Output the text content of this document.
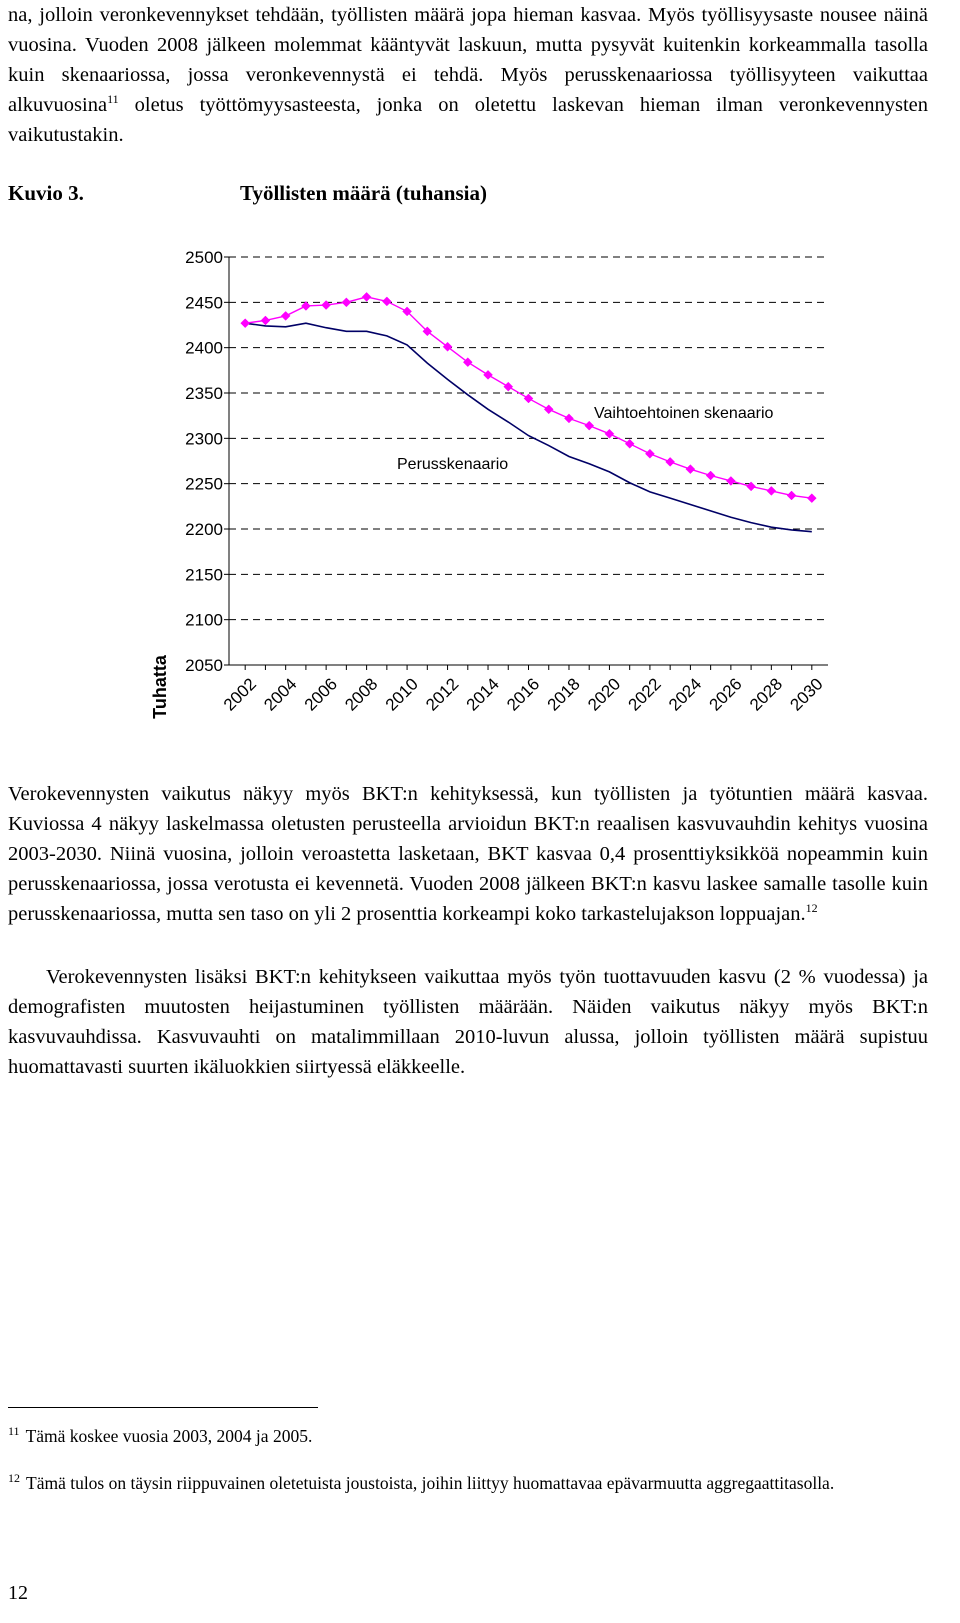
na, jolloin veronkevennykset tehdään, työllisten määrä jopa hieman kasvaa. Myös työllisyysaste nousee näinä vuosina. Vuoden 2008 jälkeen molemmat kääntyvät laskuun, mutta pysyvät kuitenkin korkeammalla tasolla kuin skenaariossa, jossa veronkevennystä ei tehdä. Myös perusskenaariossa työllisyyteen vaikuttaa alkuvuosina$^{11}$ oletus työttömyysasteesta, jonka on oletettu laskevan hieman ilman veronkevennysten vaikutustakin.
Kuvio 3.	Työllisten määrä (tuhansia)
2500
2450
2400
2350
2300
2250
2200
2150
2100
2050
2002 2004 2006 2008 2010 2012 2014 2016 2018 2020 2022 2024 2026 2028 2030
Tuhatta
Vaihtoehtoinen skenaario
Perusskenaario
Verokevennysten vaikutus näkyy myös BKT:n kehityksessä, kun työllisten ja työtuntien määrä kasvaa. Kuviossa 4 näkyy laskelmassa oletusten perusteella arvioidun BKT:n reaalisen kasvuvauhdin kehitys vuosina 2003-2030. Niinä vuosina, jolloin veroastetta lasketaan, BKT kasvaa 0,4 prosenttiyksikköä nopeammin kuin perusskenaariossa, jossa verotusta ei kevennetä. Vuoden 2008 jälkeen BKT:n kasvu laskee samalle tasolle kuin perusskenaariossa, mutta sen taso on yli 2 prosenttia korkeampi koko tarkastelujakson loppuajan.$^{12}$
Verokevennysten lisäksi BKT:n kehitykseen vaikuttaa myös työn tuottavuuden kasvu (2 % vuodessa) ja demografisten muutosten heijastuminen työllisten määrään. Näiden vaikutus näkyy myös BKT:n kasvuvauhdissa. Kasvuvauhti on matalimmillaan 2010-luvun alussa, jolloin työllisten määrä supistuu huomattavasti suurten ikäluokkien siirtyessä eläkkeelle.
$^{11}$ Tämä koskee vuosia 2003, 2004 ja 2005.
$^{12}$ Tämä tulos on täysin riippuvainen oletetuista joustoista, joihin liittyy huomattavaa epävarmuutta aggregaattitasolla.
12
